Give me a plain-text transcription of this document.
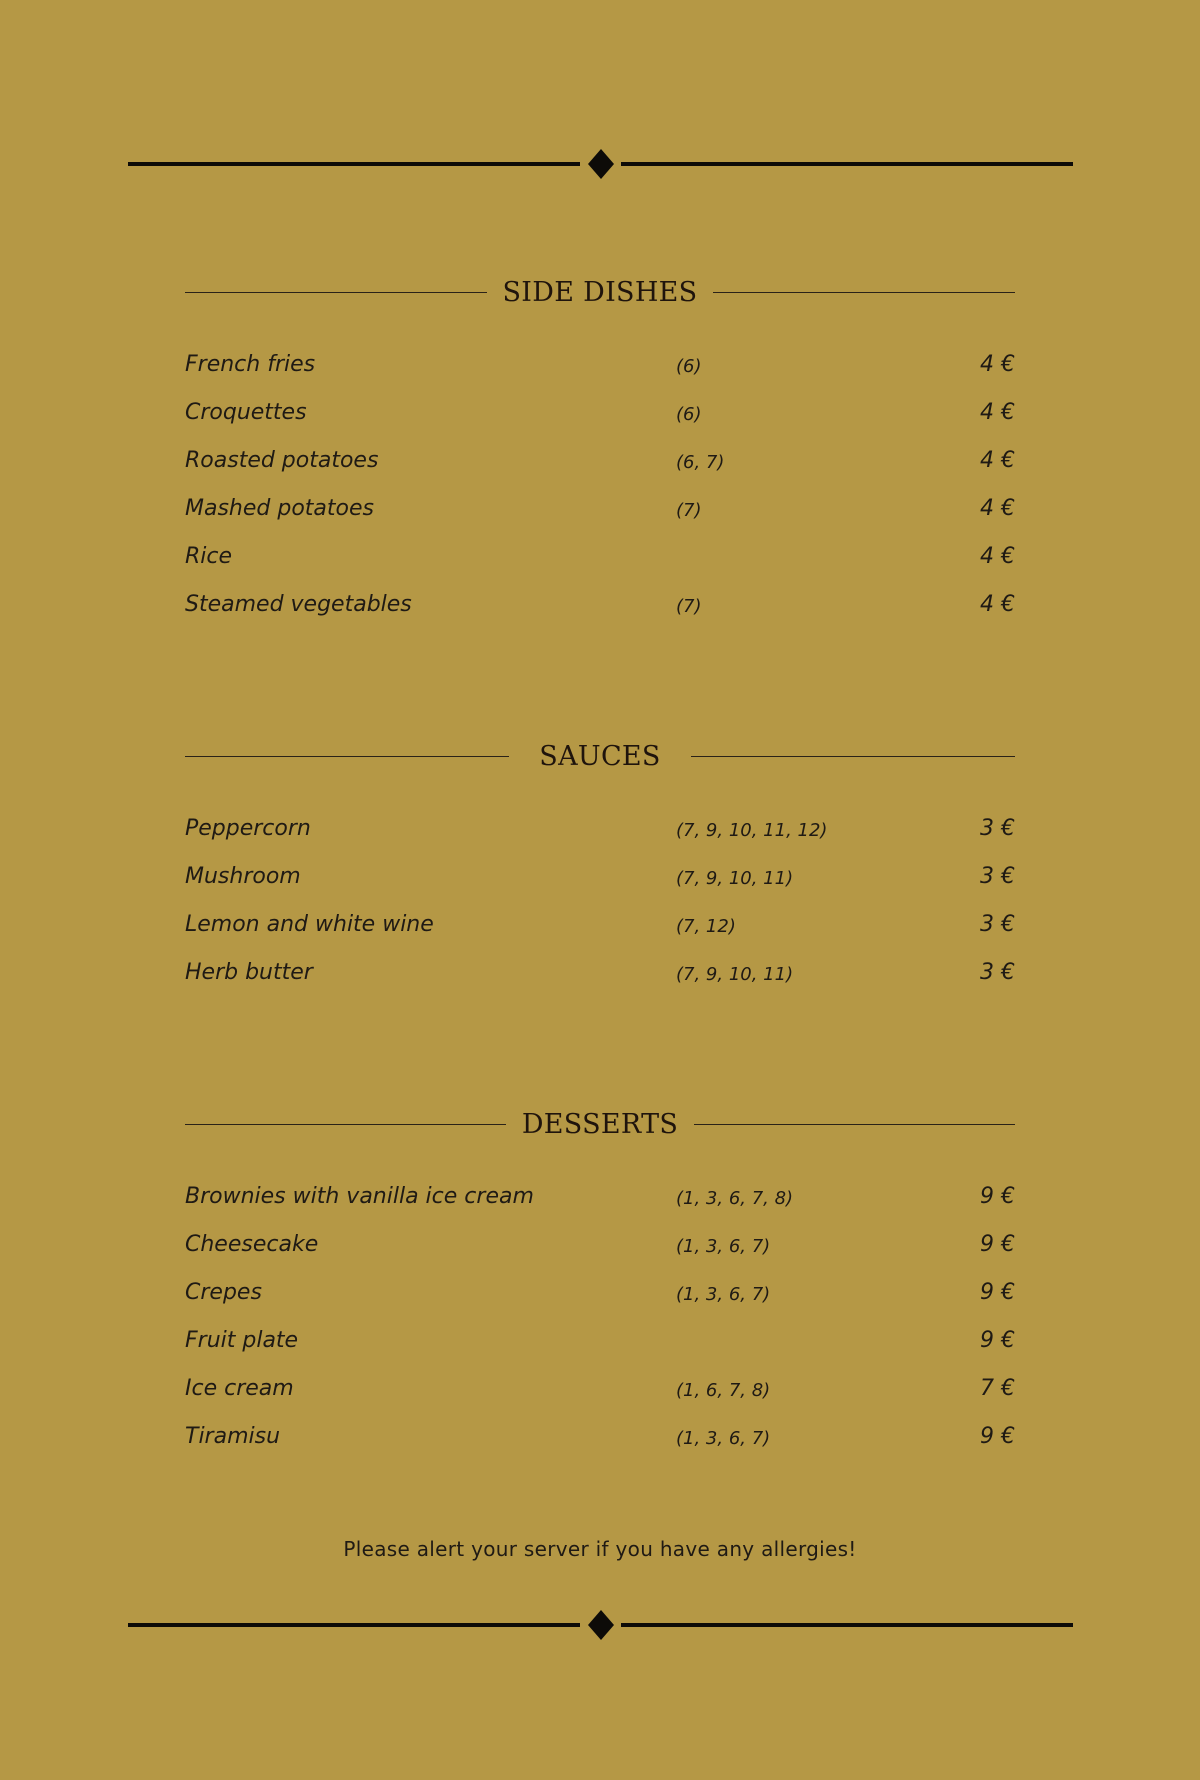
SIDE DISHES
French fries	(6)	4 €
Croquettes	(6)	4 €
Roasted potatoes	(6, 7)	4 €
Mashed potatoes	(7)	4 €
Rice	4 €
Steamed vegetables	(7)	4 €
SAUCES
Peppercorn	(7, 9, 10, 11, 12)	3 €
Mushroom	(7, 9, 10, 11)	3 €
Lemon and white wine	(7, 12)	3 €
Herb butter	(7, 9, 10, 11)	3 €
DESSERTS
Brownies with vanilla ice cream	(1, 3, 6, 7, 8)	9 €
Cheesecake	(1, 3, 6, 7)	9 €
Crepes	(1, 3, 6, 7)	9 €
Fruit plate	9 €
Ice cream	(1, 6, 7, 8)	7 €
Tiramisu	(1, 3, 6, 7)	9 €
Please alert your server if you have any allergies!
